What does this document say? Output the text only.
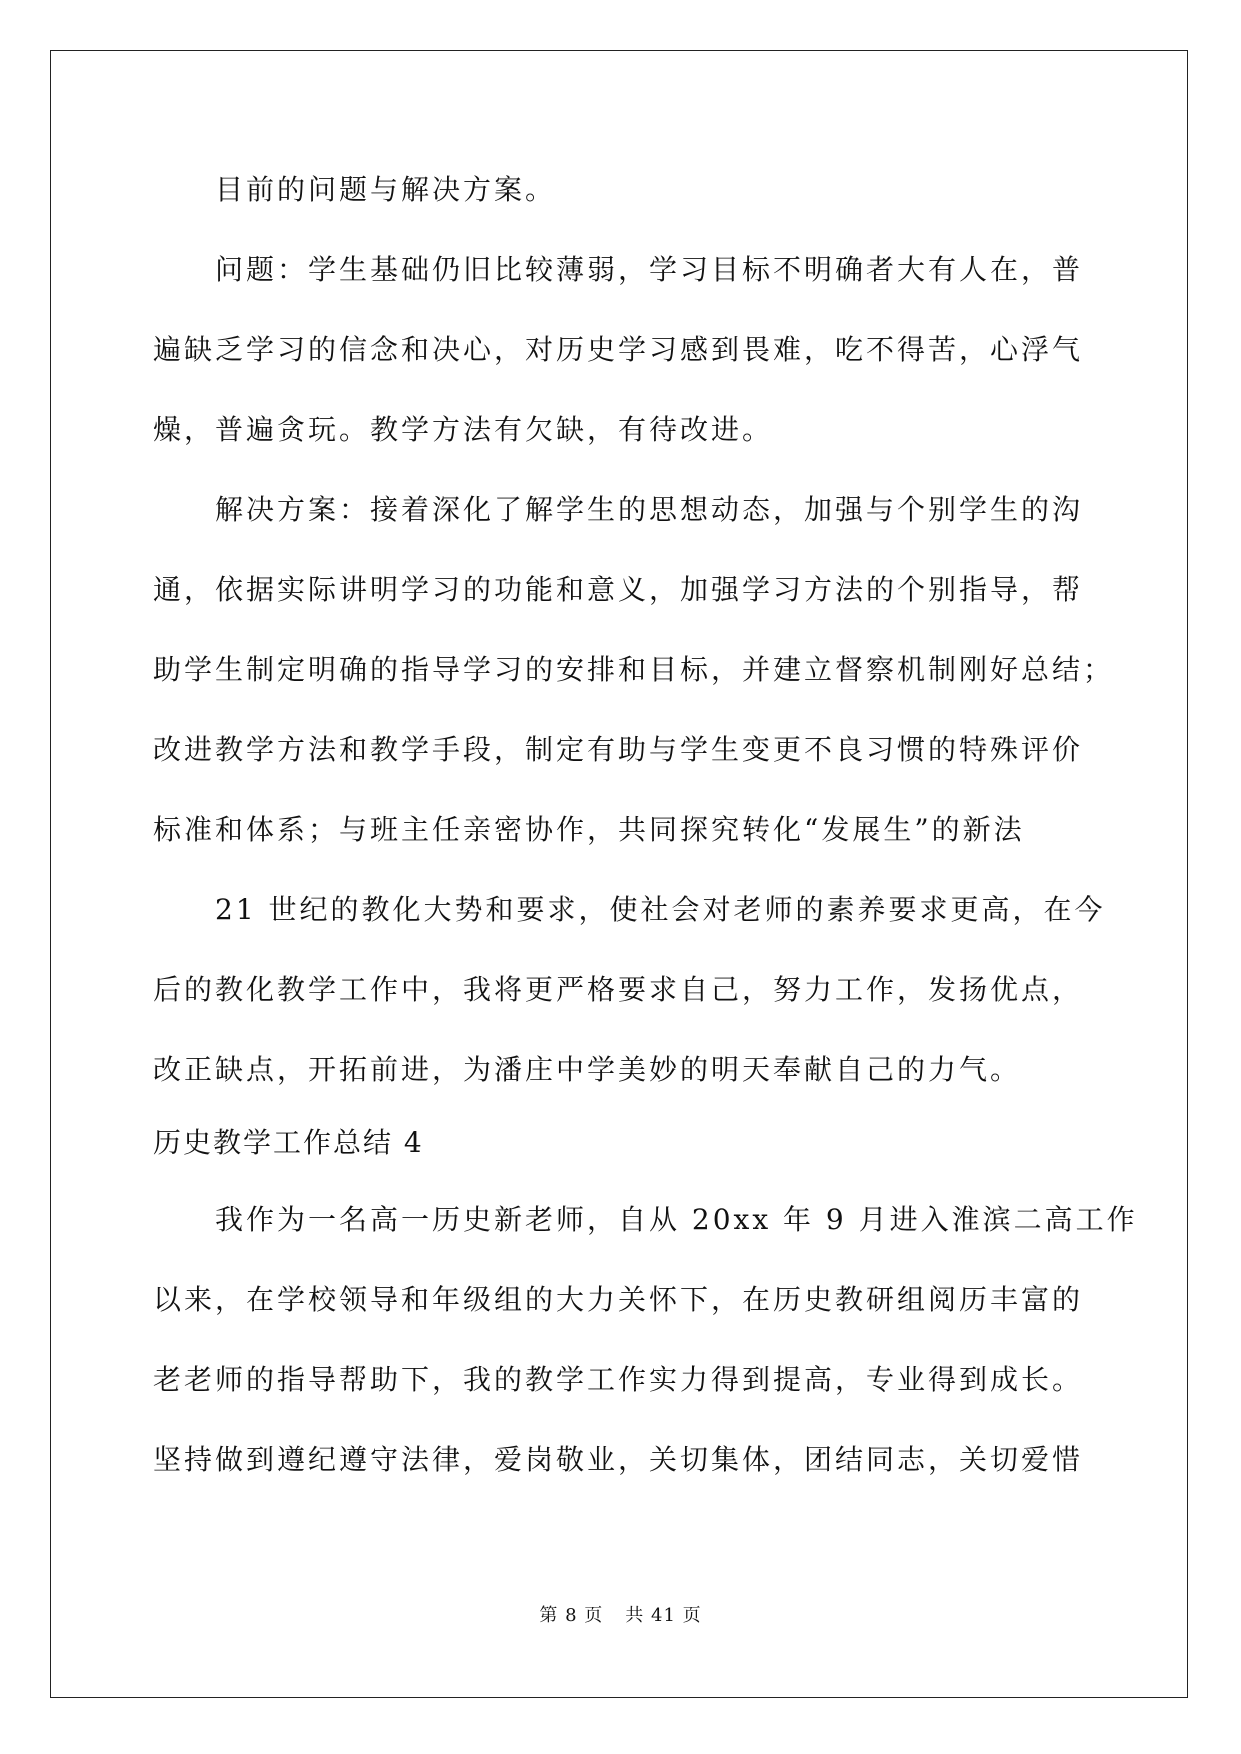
目前的问题与解决方案。
问题：学生基础仍旧比较薄弱，学习目标不明确者大有人在，普
遍缺乏学习的信念和决心，对历史学习感到畏难，吃不得苦，心浮气
燥，普遍贪玩。教学方法有欠缺，有待改进。
解决方案：接着深化了解学生的思想动态，加强与个别学生的沟
通，依据实际讲明学习的功能和意义，加强学习方法的个别指导，帮
助学生制定明确的指导学习的安排和目标，并建立督察机制刚好总结；
改进教学方法和教学手段，制定有助与学生变更不良习惯的特殊评价
标准和体系；与班主任亲密协作，共同探究转化“发展生”的新法
21 世纪的教化大势和要求，使社会对老师的素养要求更高，在今
后的教化教学工作中，我将更严格要求自己，努力工作，发扬优点，
改正缺点，开拓前进，为潘庄中学美妙的明天奉献自己的力气。
历史教学工作总结 4
我作为一名高一历史新老师，自从 20xx 年 9 月进入淮滨二高工作
以来，在学校领导和年级组的大力关怀下，在历史教研组阅历丰富的
老老师的指导帮助下，我的教学工作实力得到提高，专业得到成长。
坚持做到遵纪遵守法律，爱岗敬业，关切集体，团结同志，关切爱惜
第 8 页 共 41 页
